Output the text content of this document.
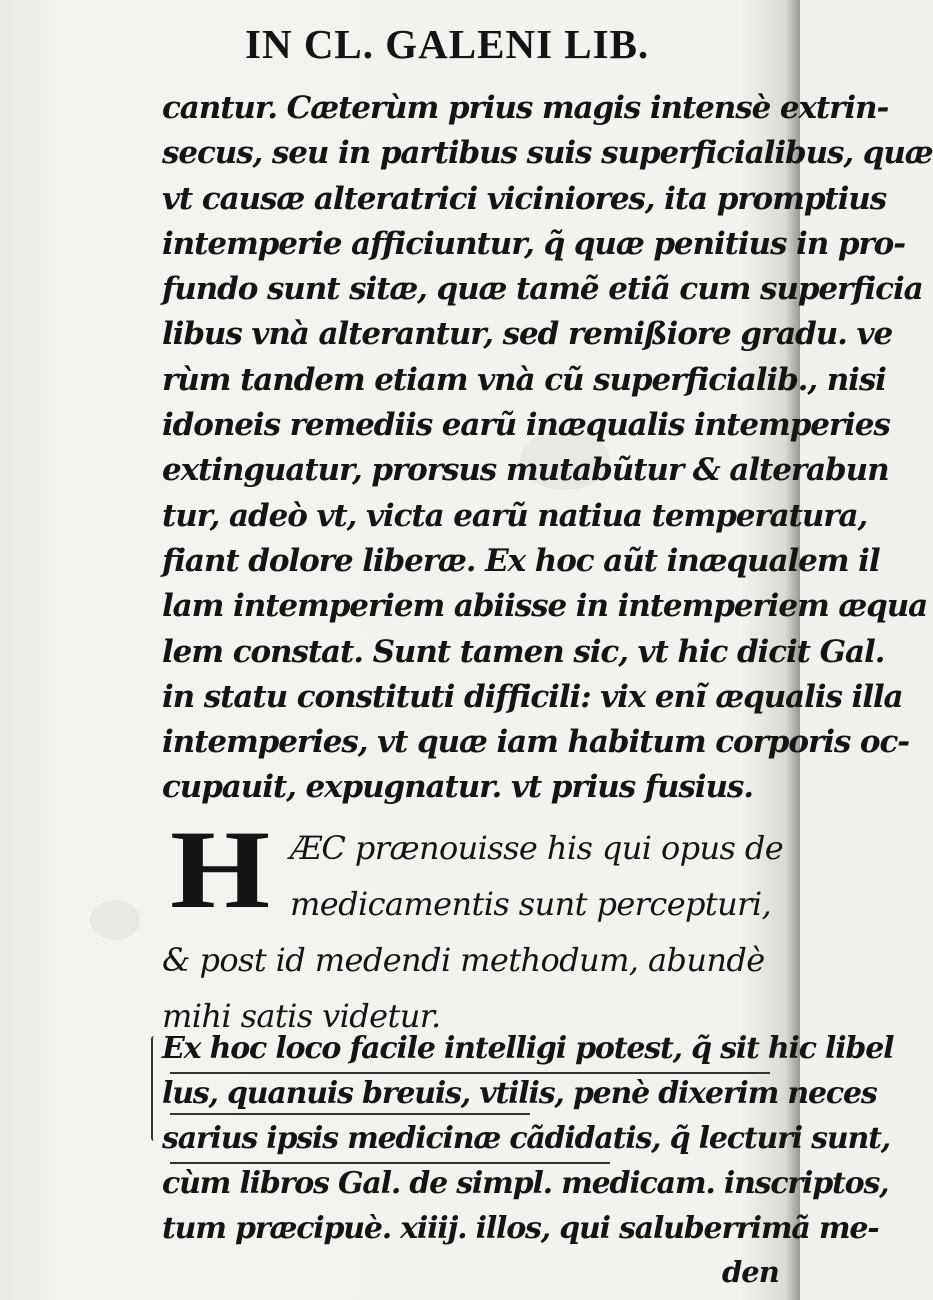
IN CL. GALENI LIB.
cantur. Cæterùm prius magis intensè extrin-
secus, seu in partibus suis superficialibus, quæ
vt causæ alteratrici viciniores, ita promptius
intemperie afficiuntur, q̃ quæ penitius in pro-
fundo sunt sitæ, quæ tamẽ etiã cum superficia
libus vnà alterantur, sed remißiore gradu. ve
rùm tandem etiam vnà cũ superficialib., nisi
idoneis remediis earũ inæqualis intemperies
extinguatur, prorsus mutabũtur & alterabun
tur, adeò vt, victa earũ natiua temperatura,
fiant dolore liberæ. Ex hoc aũt inæqualem il
lam intemperiem abiisse in intemperiem æqua
lem constat. Sunt tamen sic, vt hic dicit Gal.
in statu constituti difficili: vix enĩ æqualis illa
intemperies, vt quæ iam habitum corporis oc-
cupauit, expugnatur. vt prius fusius.
H ÆC prænouisse his qui opus de
medicamentis sunt percepturi,
& post id medendi methodum, abundè
mihi satis videtur.
Ex hoc loco facile intelligi potest, q̃ sit hic libel
lus, quanuis breuis, vtilis, penè dixerim neces
sarius ipsis medicinæ cãdidatis, q̃ lecturi sunt,
cùm libros Gal. de simpl. medicam. inscriptos,
tum præcipuè. xiiij. illos, qui saluberrimã me-
den
